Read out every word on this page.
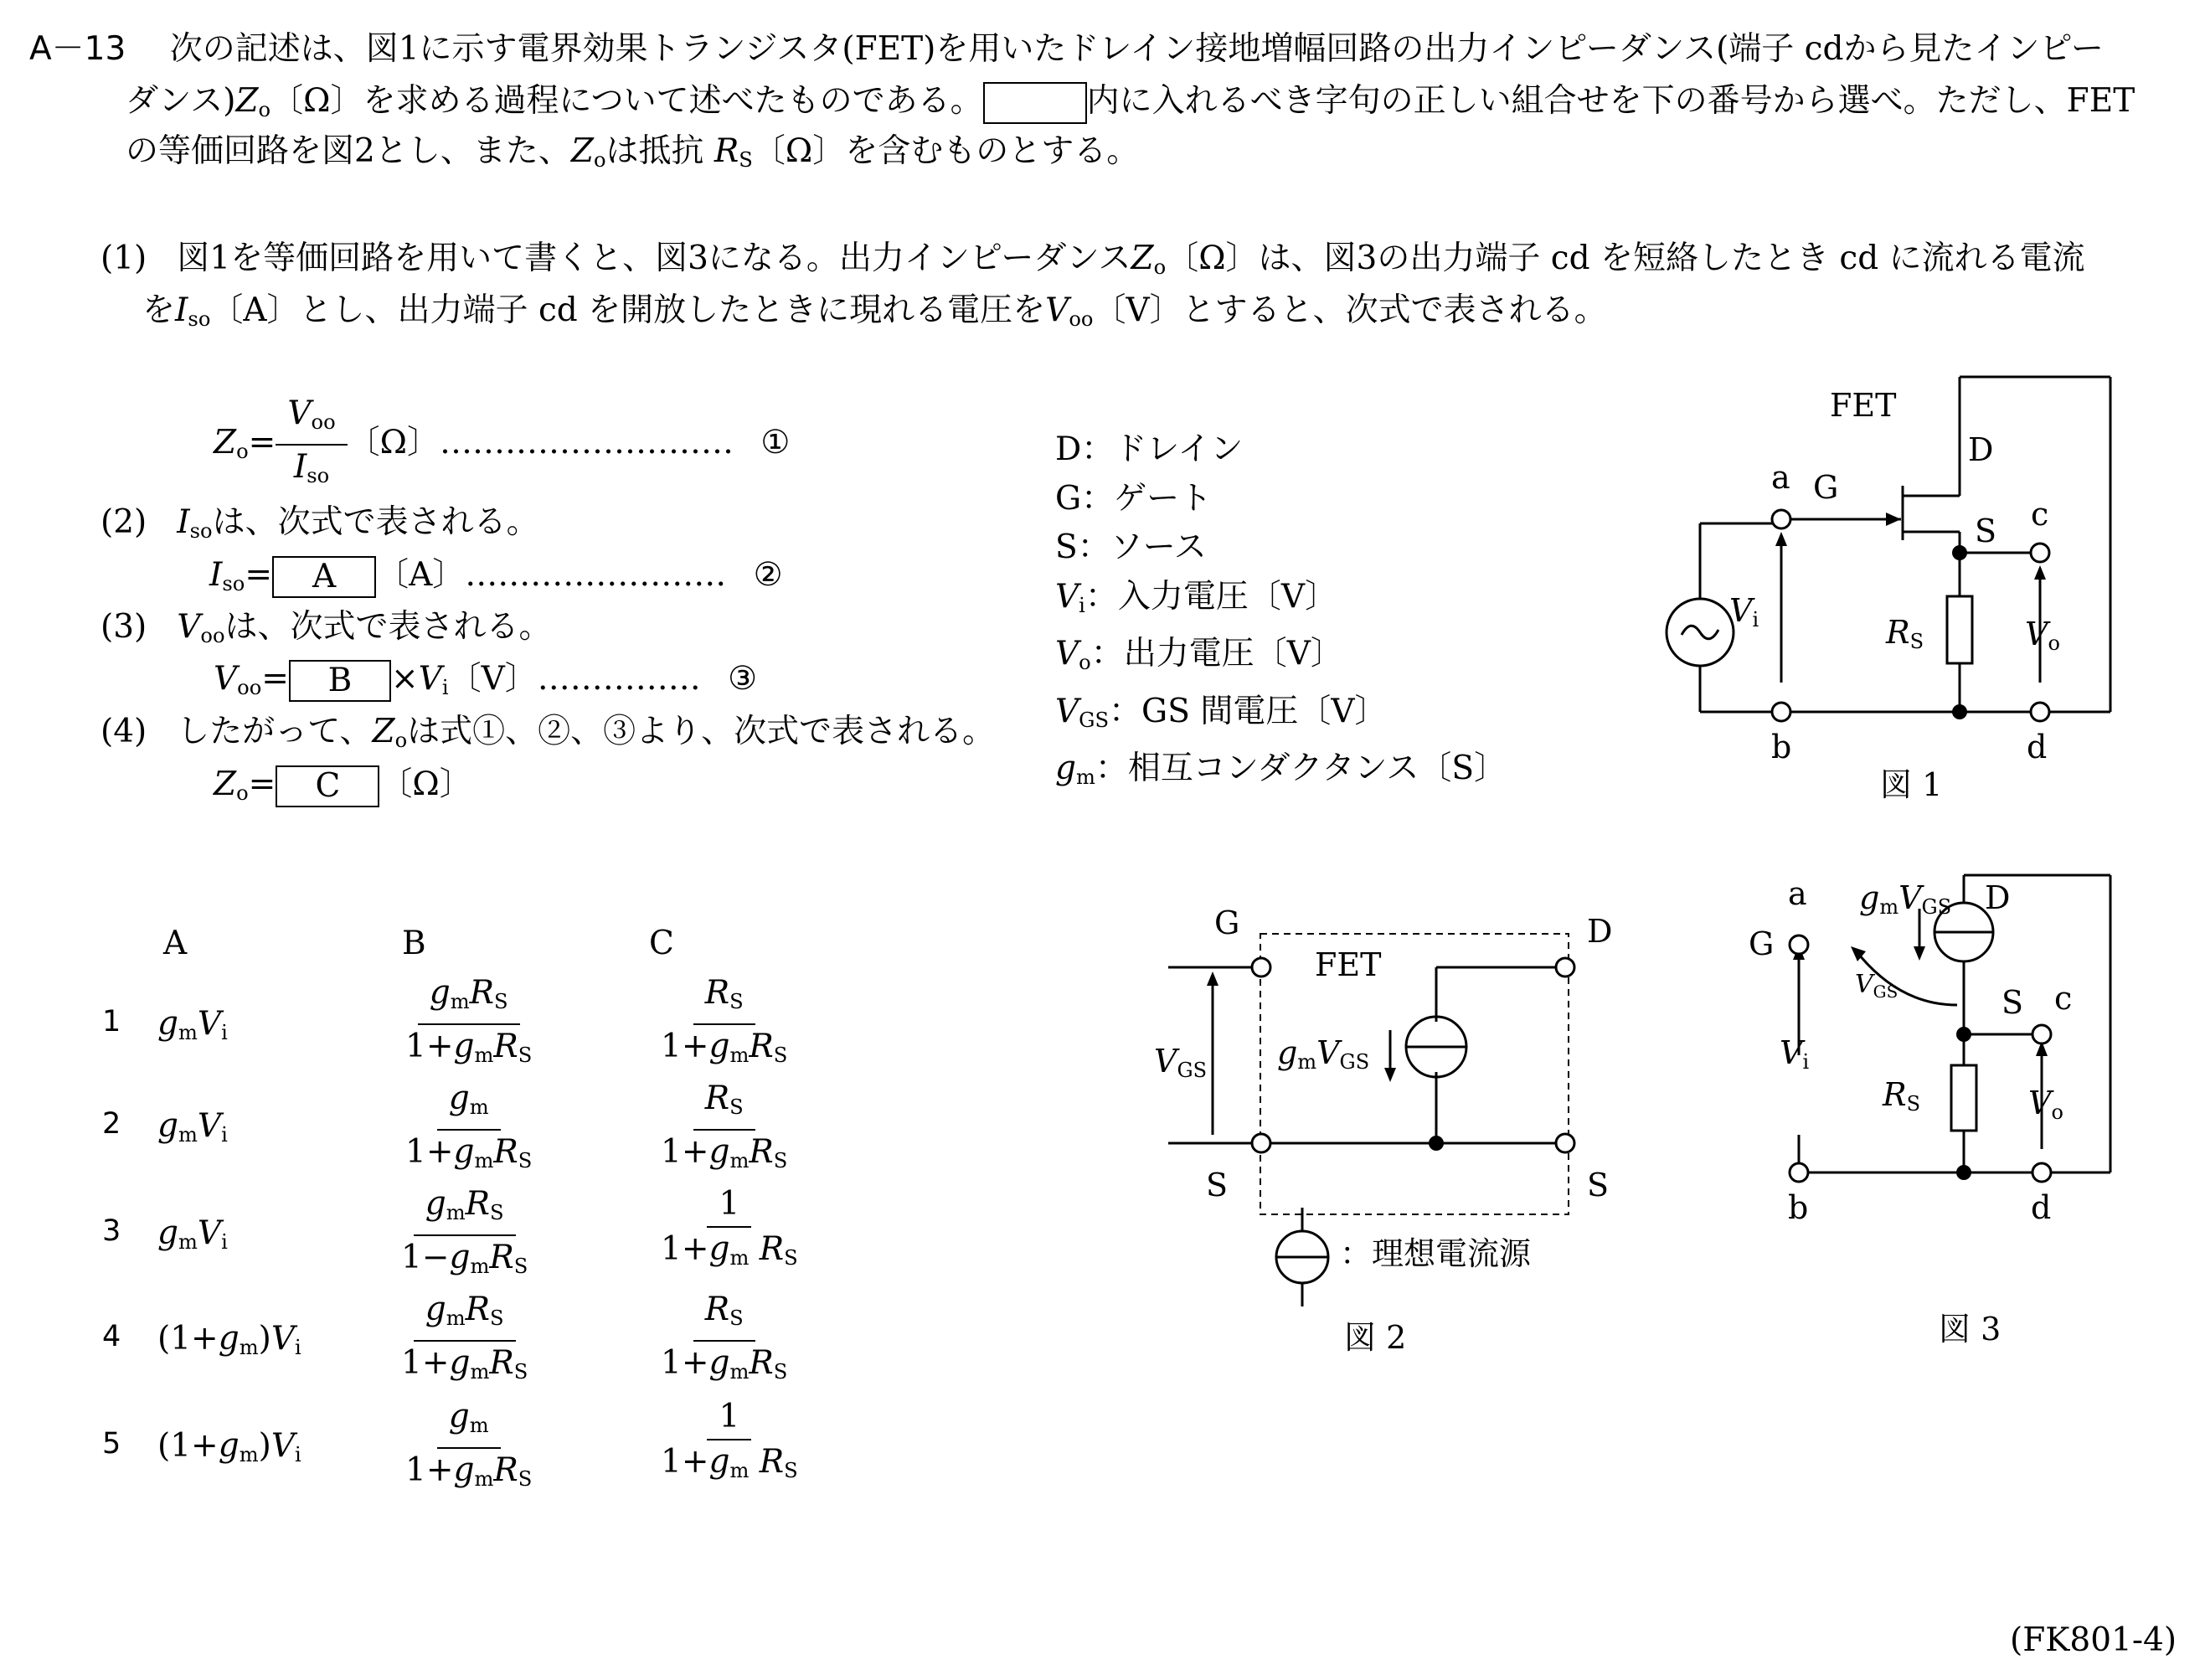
A－13 次の記述は、図1に示す電界効果トランジスタ(FET)を用いたドレイン接地増幅回路の出力インピーダンス(端子 cdから見たインピー
ダンス)$Z_o$〔Ω〕を求める過程について述べたものである。	内に入れるべき字句の正しい組合せを下の番号から選べ。ただし、FET
の等価回路を図2とし、また、$Z_o$は抵抗 $R_S$〔Ω〕を含むものとする。
(1) 図1を等価回路を用いて書くと、図3になる。出力インピーダンス$Z_o$〔Ω〕は、図3の出力端子 cd を短絡したとき cd に流れる電流
を$I_{so}$〔A〕とし、出力端子 cd を開放したときに現れる電圧を$V_{oo}$〔V〕とすると、次式で表される。
$Z_o= \frac{V_{oo}}{I_{so}}$ 〔Ω〕……………………… ①
(2) $I_{so}$は、次式で表される。
$I_{so}= A$ 〔A〕…………………… ②
(3) $V_{oo}$は、次式で表される。
$V_{oo}= B \times V_i$〔V〕…………… ③
(4) したがって、$Z_o$は式①、②、③より、次式で表される。
$Z_o= C$ 〔Ω〕
D：ドレイン
G：ゲート
S：ソース
$V_i$：入力電圧〔V〕
$V_o$：出力電圧〔V〕
$V_{GS}$：GS 間電圧〔V〕
$g_m$：相互コンダクタンス〔S〕
A	B	C
1 $g_mV_i$	$\frac{g_mR_S}{1+g_mR_S}$	$\frac{R_S}{1+g_mR_S}$
2 $g_mV_i$	$\frac{g_m}{1+g_mR_S}$	$\frac{R_S}{1+g_mR_S}$
3 $g_mV_i$	$\frac{g_mR_S}{1-g_mR_S}$	$\frac{1}{1+g_m R_S}$
4 $(1+g_m)V_i$	$\frac{g_mR_S}{1+g_mR_S}$	$\frac{R_S}{1+g_mR_S}$
5 $(1+g_m)V_i$	$\frac{g_m}{1+g_mR_S}$	$\frac{1}{1+g_m R_S}$
FET
D
G
S
a
c
b	d
Vi	RS	Vo
図 1
G	D
FET
S	S
VGS gmVGS
：理想電流源
図 2
a
G
D
S c
b	d
gmVGS
$V_{GS}$
Vi
RS	Vo
図 3
(FK801-4)
